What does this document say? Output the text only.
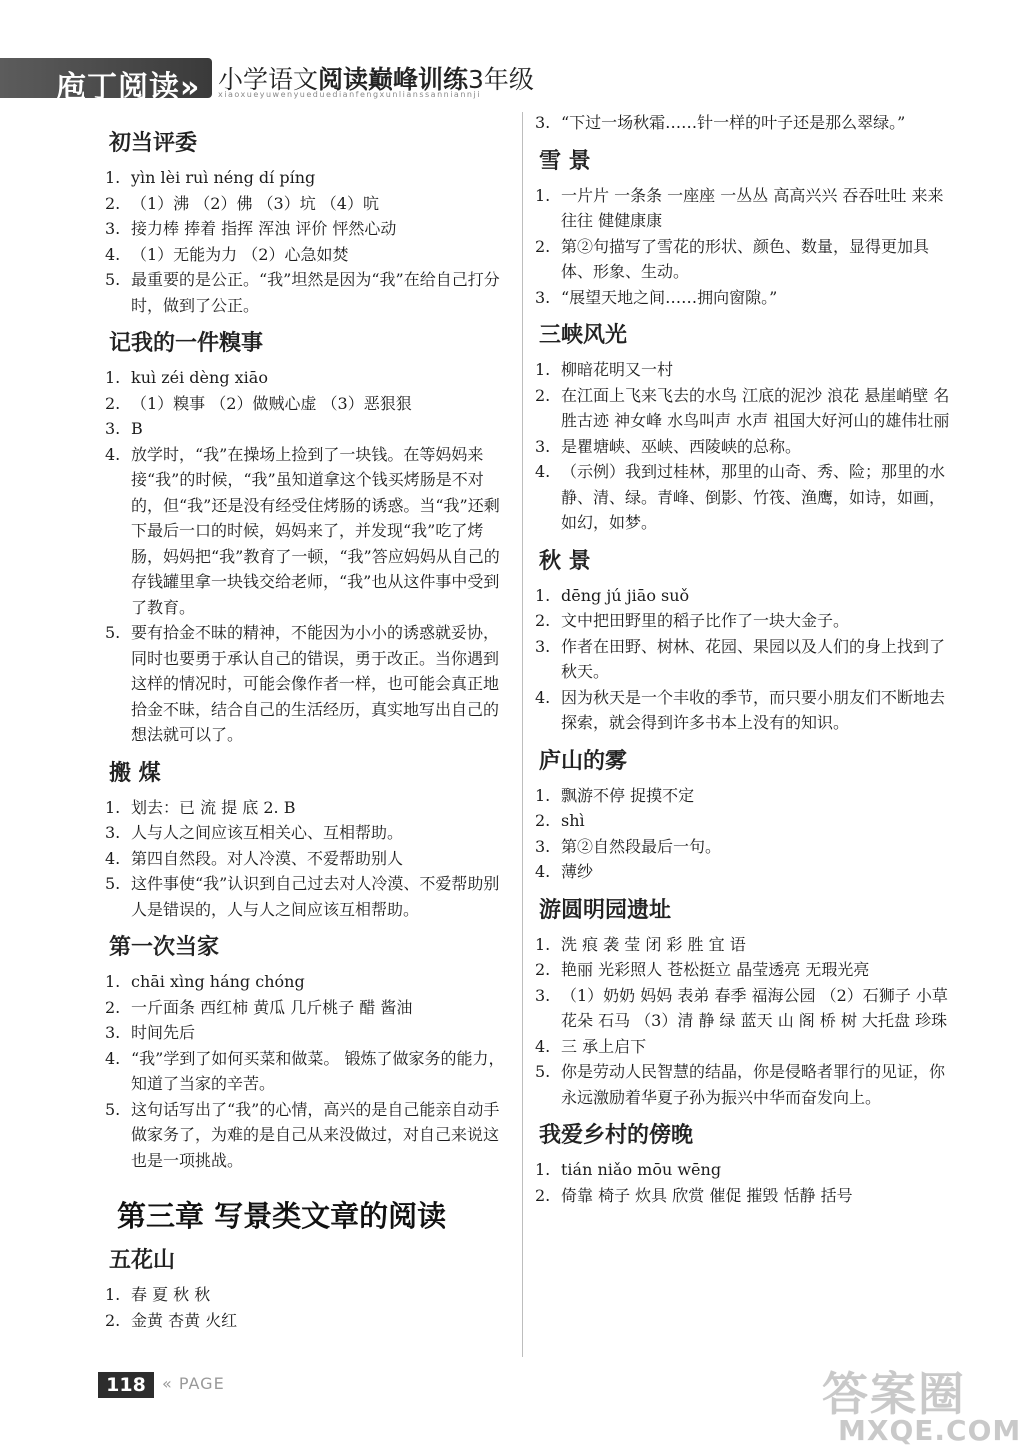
庖丁阅读» 小学语文阅读巅峰训练3年级
xiaoxueyuwenyueduedianfengxunlianssanniannji
初当评委
1. yìn lèi ruì néng dí píng
2. （1）沸 （2）佛 （3）坑 （4）吭
3. 接力棒 捧着 指挥 浑浊 评价 怦然心动
4. （1）无能为力 （2）心急如焚
5. 最重要的是公正。“我”坦然是因为“我”在给自己打分时，做到了公正。
记我的一件糗事
1. kuì zéi dèng xiāo
2. （1）糗事 （2）做贼心虚 （3）恶狠狠
3. B
4. 放学时，“我”在操场上捡到了一块钱。在等妈妈来接“我”的时候，“我”虽知道拿这个钱买烤肠是不对的，但“我”还是没有经受住烤肠的诱惑。当“我”还剩下最后一口的时候，妈妈来了，并发现“我”吃了烤肠，妈妈把“我”教育了一顿，“我”答应妈妈从自己的存钱罐里拿一块钱交给老师，“我”也从这件事中受到了教育。
5. 要有拾金不昧的精神，不能因为小小的诱惑就妥协，同时也要勇于承认自己的错误，勇于改正。当你遇到这样的情况时，可能会像作者一样，也可能会真正地拾金不昧，结合自己的生活经历，真实地写出自己的想法就可以了。
搬 煤
1. 划去：已 流 提 底 2. B
3. 人与人之间应该互相关心、互相帮助。
4. 第四自然段。对人冷漠、不爱帮助别人
5. 这件事使“我”认识到自己过去对人冷漠、不爱帮助别人是错误的，人与人之间应该互相帮助。
第一次当家
1. chāi xìng háng chóng
2. 一斤面条 西红柿 黄瓜 几斤桃子 醋 酱油
3. 时间先后
4. “我”学到了如何买菜和做菜。 锻炼了做家务的能力，知道了当家的辛苦。
5. 这句话写出了“我”的心情，高兴的是自己能亲自动手做家务了，为难的是自己从来没做过，对自己来说这也是一项挑战。
第三章 写景类文章的阅读
五花山
1. 春 夏 秋 秋
2. 金黄 杏黄 火红
3. “下过一场秋霜……针一样的叶子还是那么翠绿。”
雪 景
1. 一片片 一条条 一座座 一丛丛 高高兴兴 吞吞吐吐 来来往往 健健康康
2. 第②句描写了雪花的形状、颜色、数量，显得更加具体、形象、生动。
3. “展望天地之间……拥向窗隙。”
三峡风光
1. 柳暗花明又一村
2. 在江面上飞来飞去的水鸟 江底的泥沙 浪花 悬崖峭壁 名胜古迹 神女峰 水鸟叫声 水声 祖国大好河山的雄伟壮丽
3. 是瞿塘峡、巫峡、西陵峡的总称。
4. （示例）我到过桂林，那里的山奇、秀、险；那里的水静、清、绿。青峰、倒影、竹筏、渔鹰，如诗，如画，如幻，如梦。
秋 景
1. dēng jú jiāo suǒ
2. 文中把田野里的稻子比作了一块大金子。
3. 作者在田野、树林、花园、果园以及人们的身上找到了秋天。
4. 因为秋天是一个丰收的季节，而只要小朋友们不断地去探索，就会得到许多书本上没有的知识。
庐山的雾
1. 飘游不停 捉摸不定
2. shì
3. 第②自然段最后一句。
4. 薄纱
游圆明园遗址
1. 洗 痕 袭 莹 闭 彩 胜 宜 语
2. 艳丽 光彩照人 苍松挺立 晶莹透亮 无瑕光亮
3. （1）奶奶 妈妈 表弟 春季 福海公园 （2）石狮子 小草 花朵 石马 （3）清 静 绿 蓝天 山 阁 桥 树 大托盘 珍珠
4. 三 承上启下
5. 你是劳动人民智慧的结晶，你是侵略者罪行的见证，你永远激励着华夏子孙为振兴中华而奋发向上。
我爱乡村的傍晚
1. tián niǎo mōu wēng
2. 倚靠 椅子 炊具 欣赏 催促 摧毁 恬静 括号
118	« PAGE	答案圈
MXQE.COM
